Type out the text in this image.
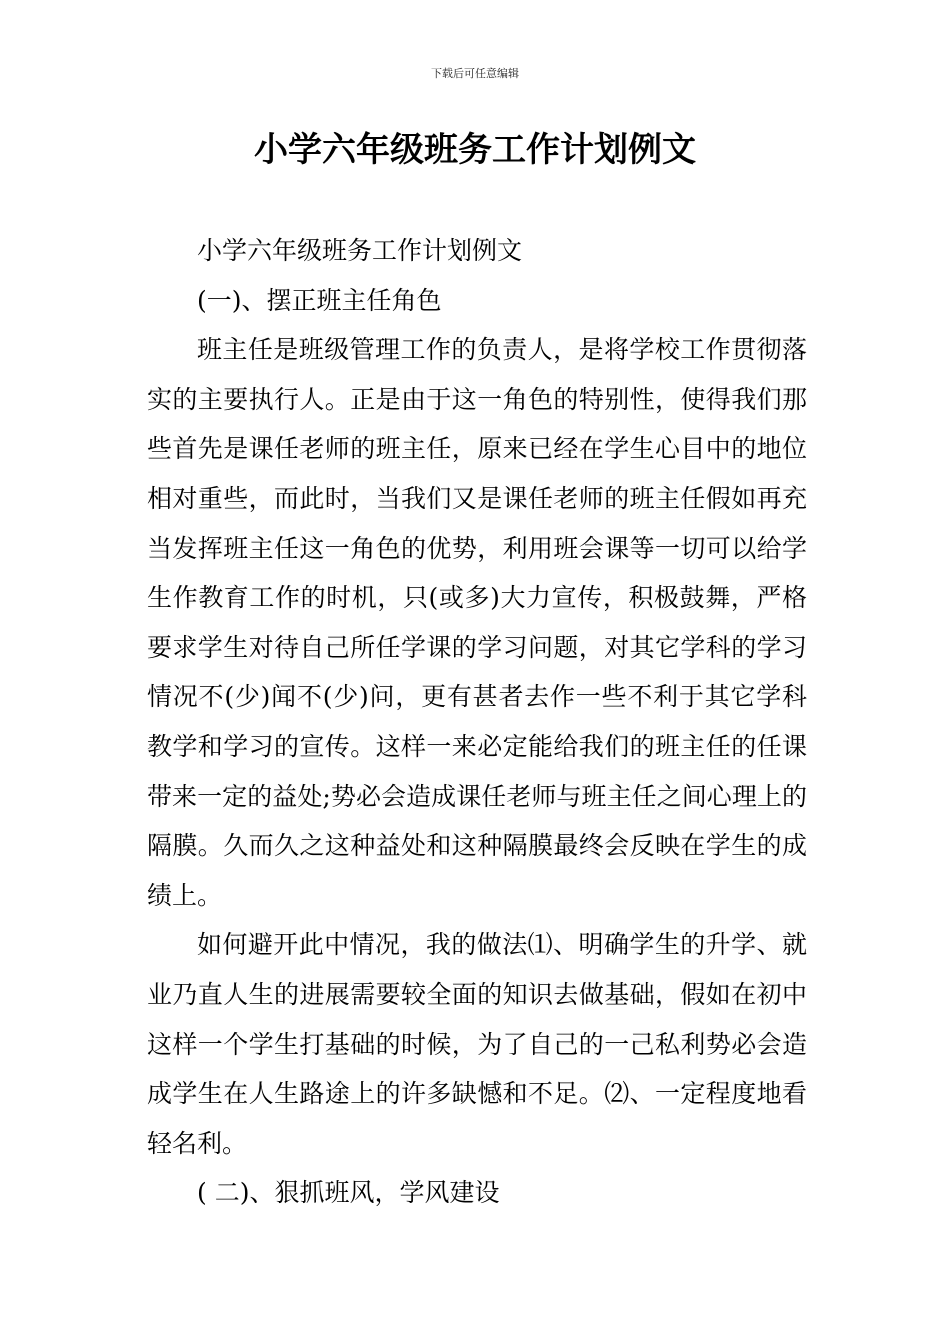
下载后可任意编辑
小学六年级班务工作计划例文

小学六年级班务工作计划例文

(一)、摆正班主任角色

班主任是班级管理工作的负责人，是将学校工作贯彻落实的主要执行人。正是由于这一角色的特别性，使得我们那些首先是课任老师的班主任，原来已经在学生心目中的地位相对重些，而此时，当我们又是课任老师的班主任假如再充当发挥班主任这一角色的优势，利用班会课等一切可以给学生作教育工作的时机，只(或多)大力宣传，积极鼓舞，严格要求学生对待自己所任学课的学习问题，对其它学科的学习情况不(少)闻不(少)问，更有甚者去作一些不利于其它学科教学和学习的宣传。这样一来必定能给我们的班主任的任课带来一定的益处;势必会造成课任老师与班主任之间心理上的隔膜。久而久之这种益处和这种隔膜最终会反映在学生的成绩上。

如何避开此中情况，我的做法⑴、明确学生的升学、就业乃直人生的进展需要较全面的知识去做基础，假如在初中这样一个学生打基础的时候，为了自己的一己私利势必会造成学生在人生路途上的许多缺憾和不足。⑵、一定程度地看轻名利。

( 二)、狠抓班风，学风建设
